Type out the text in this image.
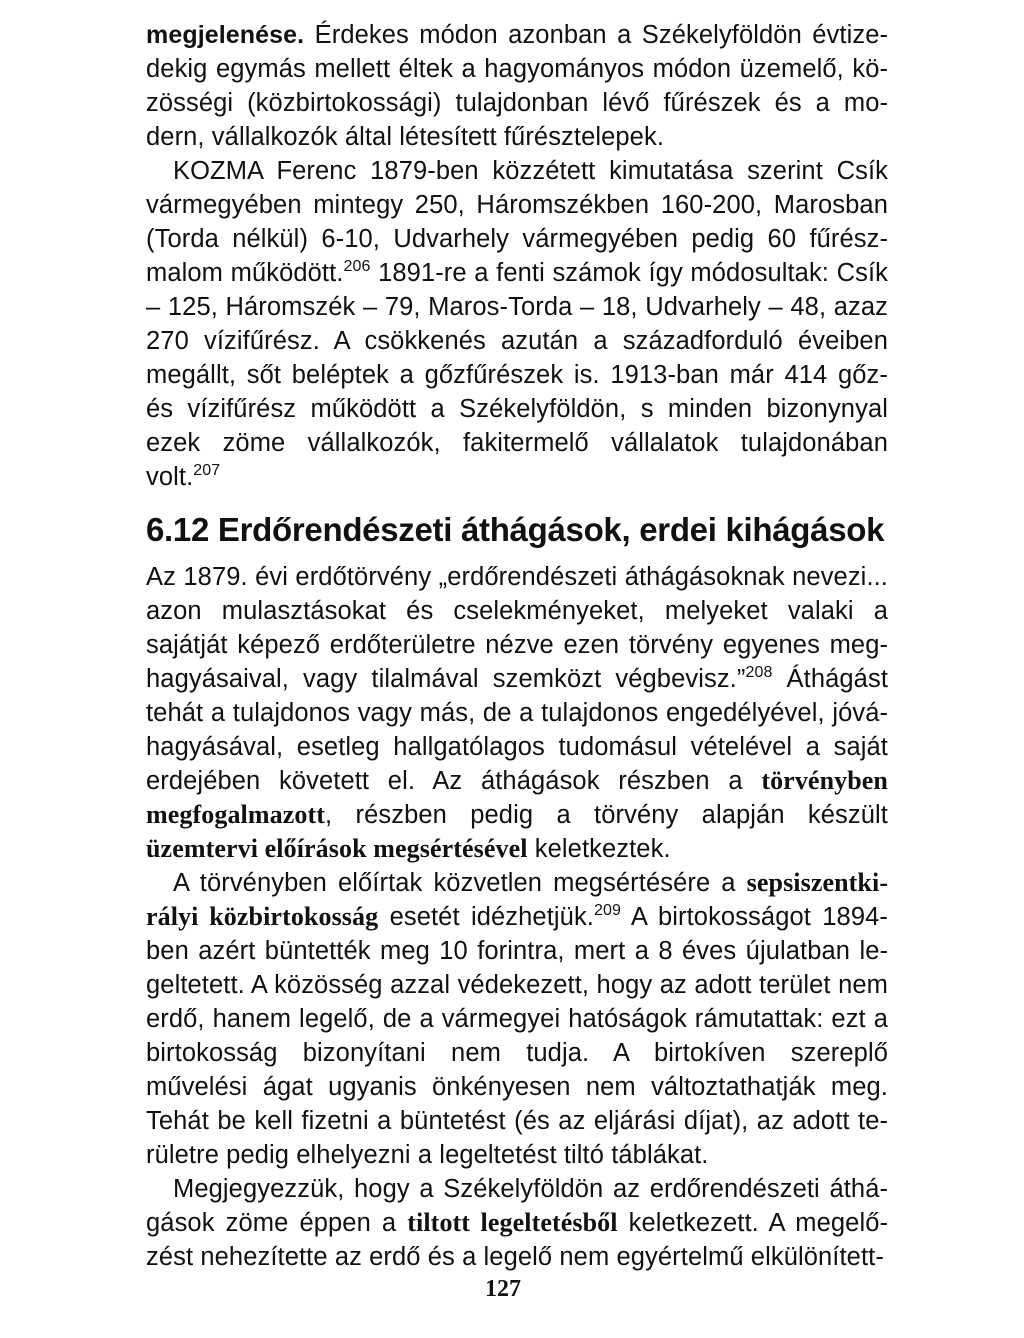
megjelenése. Érdekes módon azonban a Székelyföldön évtizedekig egymás mellett éltek a hagyományos módon üzemelő, közösségi (közbirtokossági) tulajdonban lévő fűrészek és a modern, vállalkozók által létesített fűrésztelepek.

KOZMA Ferenc 1879-ben közzétett kimutatása szerint Csík vármegyében mintegy 250, Háromszékben 160-200, Marosban (Torda nélkül) 6-10, Udvarhely vármegyében pedig 60 fűrészmalom működött.$^{206}$ 1891-re a fenti számok így módosultak: Csík – 125, Háromszék – 79, Maros-Torda – 18, Udvarhely – 48, azaz 270 vízifűrész. A csökkenés azután a századforduló éveiben megállt, sőt beléptek a gőzfűrészek is. 1913-ban már 414 gőz- és vízifűrész működött a Székelyföldön, s minden bizonynyal ezek zöme vállalkozók, fakitermelő vállalatok tulajdonában volt.$^{207}$

6.12 Erdőrendészeti áthágások, erdei kihágások

Az 1879. évi erdőtörvény „erdőrendészeti áthágásoknak nevezi... azon mulasztásokat és cselekményeket, melyeket valaki a sajátját képező erdőterületre nézve ezen törvény egyenes meghagyásaival, vagy tilalmával szemközt végbevisz.”$^{208}$ Áthágást tehát a tulajdonos vagy más, de a tulajdonos engedélyével, jóváhagyásával, esetleg hallgatólagos tudomásul vételével a saját erdejében követett el. Az áthágások részben a törvényben megfogalmazott, részben pedig a törvény alapján készült üzemtervi előírások megsértésével keletkeztek.

A törvényben előírtak közvetlen megsértésére a sepsiszentkirályi közbirtokosság esetét idézhetjük.$^{209}$ A birtokosságot 1894-ben azért büntették meg 10 forintra, mert a 8 éves újulatban legeltetett. A közösség azzal védekezett, hogy az adott terület nem erdő, hanem legelő, de a vármegyei hatóságok rámutattak: ezt a birtokosság bizonyítani nem tudja. A birtokíven szereplő művelési ágat ugyanis önkényesen nem változtathatják meg. Tehát be kell fizetni a büntetést (és az eljárási díjat), az adott területre pedig elhelyezni a legeltetést tiltó táblákat.

Megjegyezzük, hogy a Székelyföldön az erdőrendészeti áthágások zöme éppen a tiltott legeltetésből keletkezett. A megelőzést nehezítette az erdő és a legelő nem egyértelmű elkülönített-

127
